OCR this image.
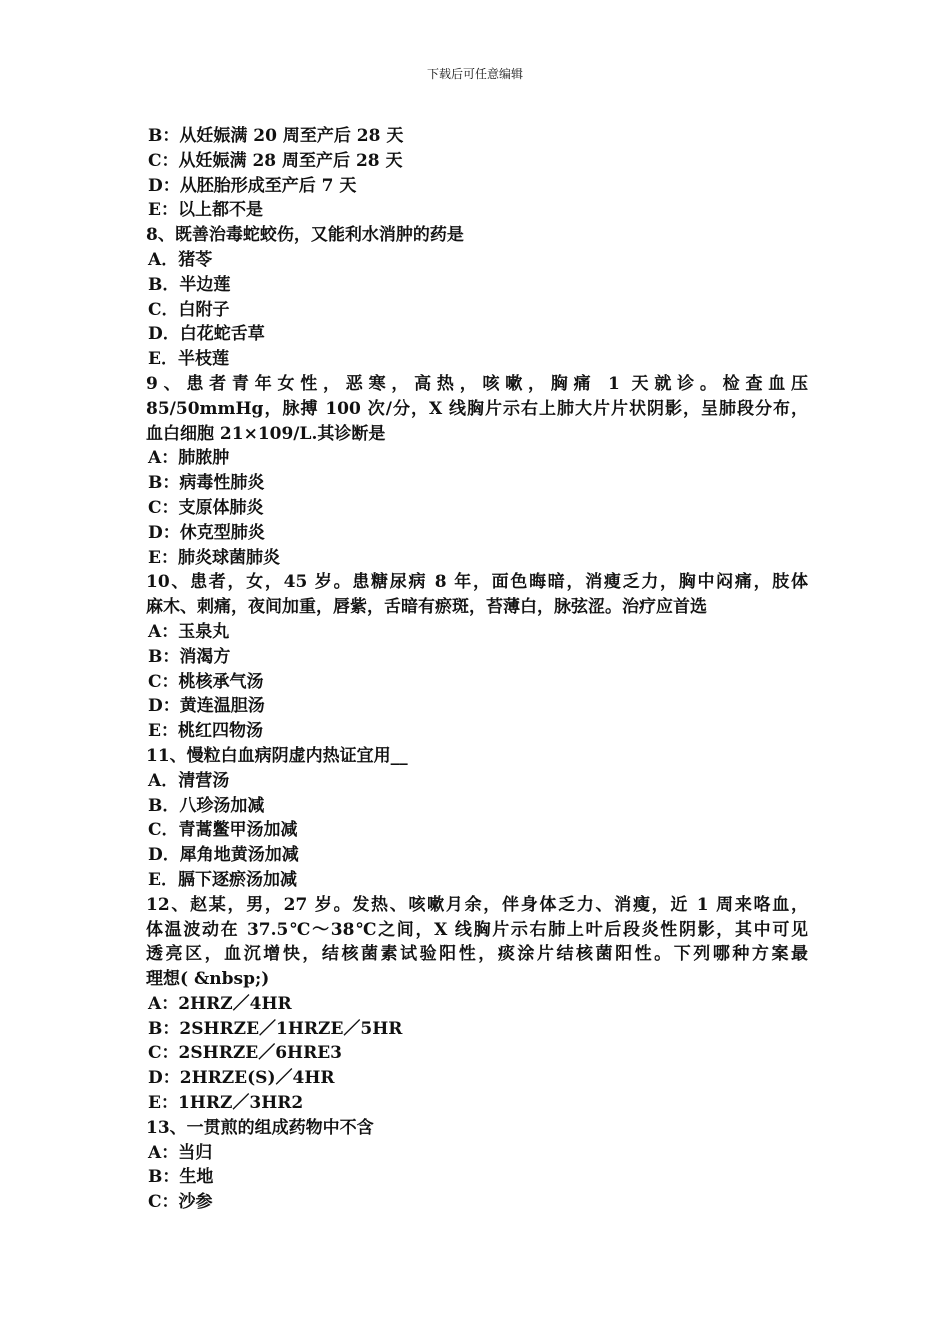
下载后可任意编辑
B：从妊娠满 20 周至产后 28 天
C：从妊娠满 28 周至产后 28 天
D：从胚胎形成至产后 7 天
E：以上都不是
8、既善治毒蛇蛟伤，又能利水消肿的药是
A．猪苓
B．半边莲
C．白附子
D．白花蛇舌草
E．半枝莲
9、患者青年女性，恶寒，高热，咳嗽，胸痛 1 天就诊。检查血压
85/50mmHg，脉搏 100 次/分，X 线胸片示右上肺大片片状阴影，呈肺段分布，
血白细胞 21×109/L.其诊断是
A：肺脓肿
B：病毒性肺炎
C：支原体肺炎
D：休克型肺炎
E：肺炎球菌肺炎
10、患者，女，45 岁。患糖尿病 8 年，面色晦暗，消瘦乏力，胸中闷痛，肢体
麻木、刺痛，夜间加重，唇紫，舌暗有瘀斑，苔薄白，脉弦涩。治疗应首选
A：玉泉丸
B：消渴方
C：桃核承气汤
D：黄连温胆汤
E：桃红四物汤
11、慢粒白血病阴虚内热证宜用__
A．清营汤
B．八珍汤加减
C．青蒿鳖甲汤加减
D．犀角地黄汤加减
E．膈下逐瘀汤加减
12、赵某，男，27 岁。发热、咳嗽月余，伴身体乏力、消瘦，近 1 周来咯血，
体温波动在 37.5℃～38℃之间，X 线胸片示右肺上叶后段炎性阴影，其中可见
透亮区，血沉增快，结核菌素试验阳性，痰涂片结核菌阳性。下列哪种方案最
理想( &nbsp;)
A：2HRZ／4HR
B：2SHRZE／1HRZE／5HR
C：2SHRZE／6HRE3
D：2HRZE(S)／4HR
E：1HRZ／3HR2
13、一贯煎的组成药物中不含
A：当归
B：生地
C：沙参
